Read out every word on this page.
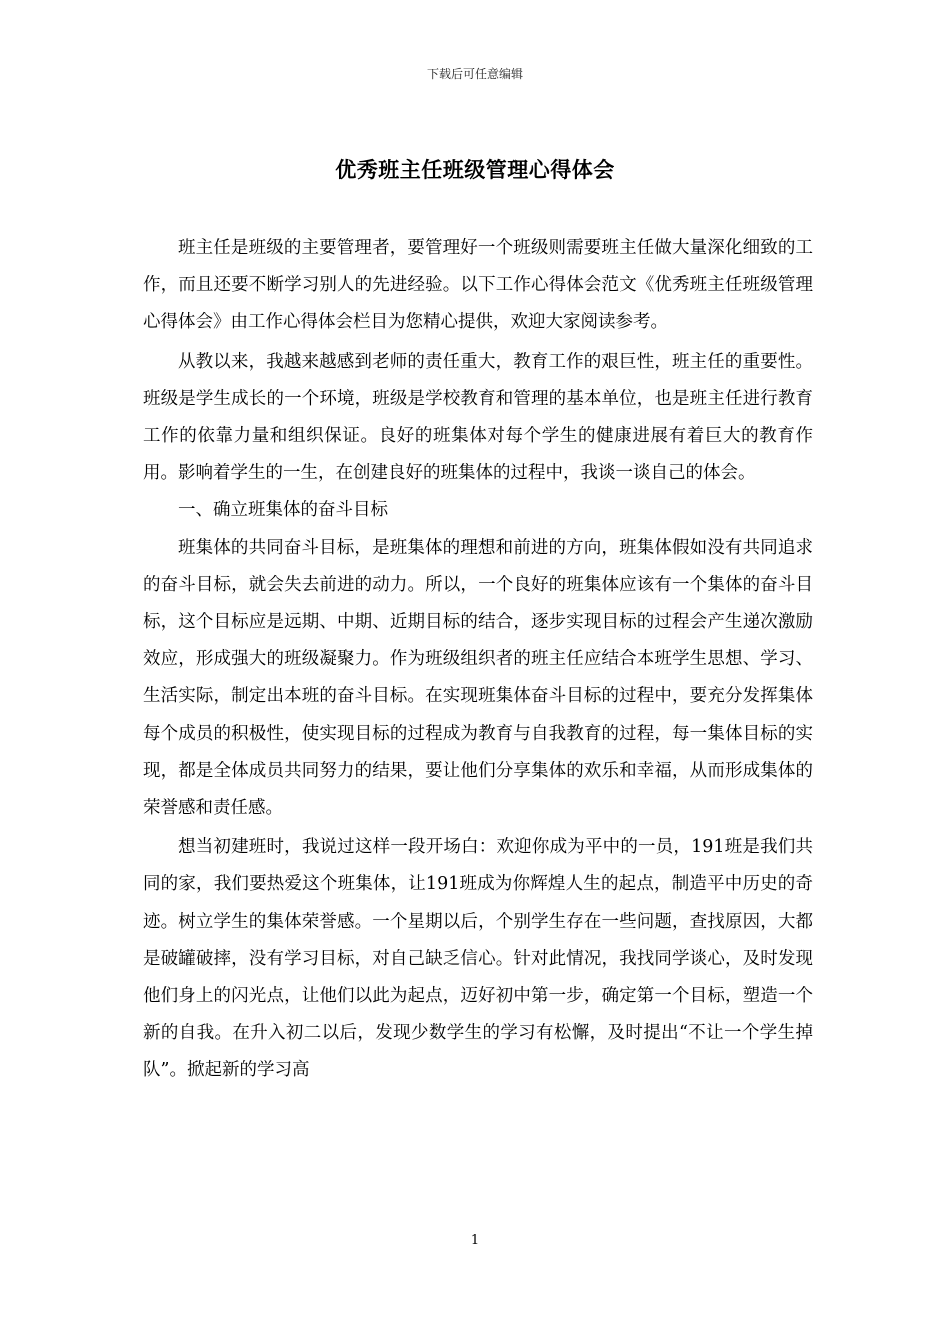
下载后可任意编辑
优秀班主任班级管理心得体会

班主任是班级的主要管理者，要管理好一个班级则需要班主任做大量深化细致的工作，而且还要不断学习别人的先进经验。以下工作心得体会范文《优秀班主任班级管理心得体会》由工作心得体会栏目为您精心提供，欢迎大家阅读参考。

从教以来，我越来越感到老师的责任重大，教育工作的艰巨性，班主任的重要性。班级是学生成长的一个环境，班级是学校教育和管理的基本单位，也是班主任进行教育工作的依靠力量和组织保证。良好的班集体对每个学生的健康进展有着巨大的教育作用。影响着学生的一生，在创建良好的班集体的过程中，我谈一谈自己的体会。

一、确立班集体的奋斗目标

班集体的共同奋斗目标，是班集体的理想和前进的方向，班集体假如没有共同追求的奋斗目标，就会失去前进的动力。所以，一个良好的班集体应该有一个集体的奋斗目标，这个目标应是远期、中期、近期目标的结合，逐步实现目标的过程会产生递次激励效应，形成强大的班级凝聚力。作为班级组织者的班主任应结合本班学生思想、学习、生活实际，制定出本班的奋斗目标。在实现班集体奋斗目标的过程中，要充分发挥集体每个成员的积极性，使实现目标的过程成为教育与自我教育的过程，每一集体目标的实现，都是全体成员共同努力的结果，要让他们分享集体的欢乐和幸福，从而形成集体的荣誉感和责任感。

想当初建班时，我说过这样一段开场白：欢迎你成为平中的一员，191班是我们共同的家，我们要热爱这个班集体，让191班成为你辉煌人生的起点，制造平中历史的奇迹。树立学生的集体荣誉感。一个星期以后，个别学生存在一些问题，查找原因，大都是破罐破摔，没有学习目标，对自己缺乏信心。针对此情况，我找同学谈心，及时发现他们身上的闪光点，让他们以此为起点，迈好初中第一步，确定第一个目标，塑造一个新的自我。在升入初二以后，发现少数学生的学习有松懈，及时提出“不让一个学生掉队”。掀起新的学习高

1
